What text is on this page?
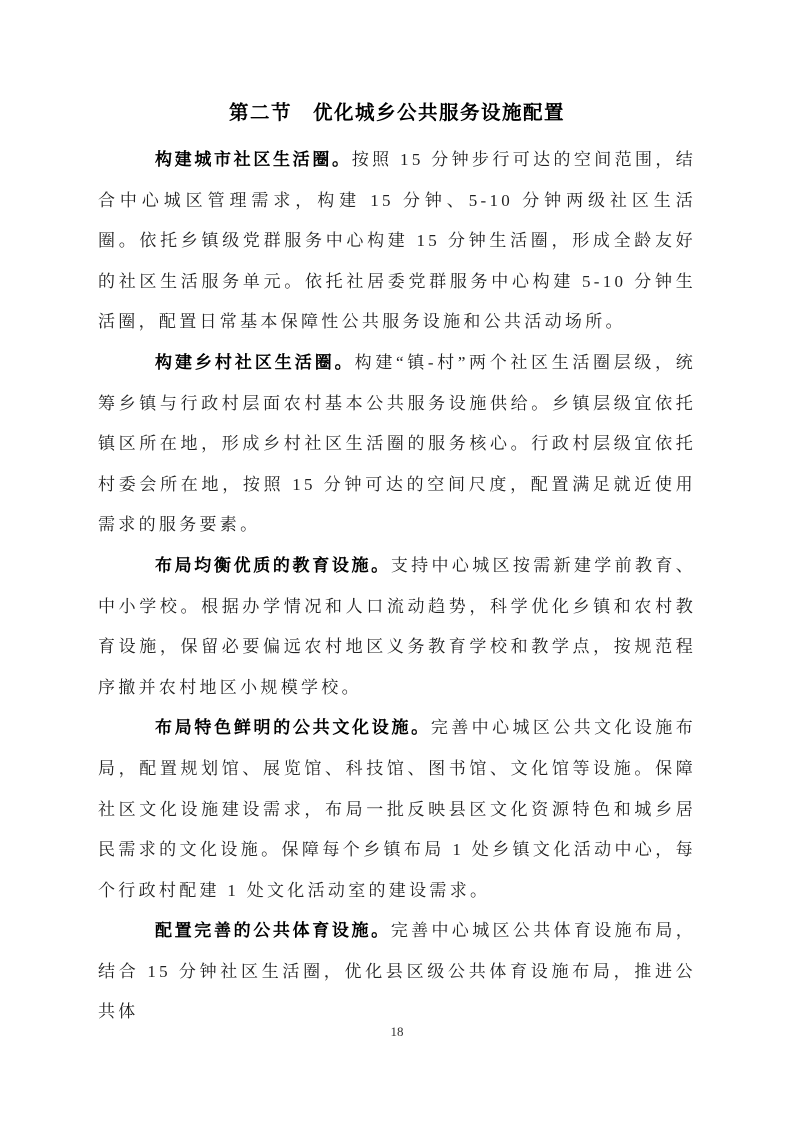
第二节　优化城乡公共服务设施配置

构建城市社区生活圈。按照 15 分钟步行可达的空间范围，结合中心城区管理需求，构建 15 分钟、5-10 分钟两级社区生活圈。依托乡镇级党群服务中心构建 15 分钟生活圈，形成全龄友好的社区生活服务单元。依托社居委党群服务中心构建 5-10 分钟生活圈，配置日常基本保障性公共服务设施和公共活动场所。

构建乡村社区生活圈。构建“镇-村”两个社区生活圈层级，统筹乡镇与行政村层面农村基本公共服务设施供给。乡镇层级宜依托镇区所在地，形成乡村社区生活圈的服务核心。行政村层级宜依托村委会所在地，按照 15 分钟可达的空间尺度，配置满足就近使用需求的服务要素。

布局均衡优质的教育设施。支持中心城区按需新建学前教育、中小学校。根据办学情况和人口流动趋势，科学优化乡镇和农村教育设施，保留必要偏远农村地区义务教育学校和教学点，按规范程序撤并农村地区小规模学校。

布局特色鲜明的公共文化设施。完善中心城区公共文化设施布局，配置规划馆、展览馆、科技馆、图书馆、文化馆等设施。保障社区文化设施建设需求，布局一批反映县区文化资源特色和城乡居民需求的文化设施。保障每个乡镇布局 1 处乡镇文化活动中心，每个行政村配建 1 处文化活动室的建设需求。

配置完善的公共体育设施。完善中心城区公共体育设施布局，结合 15 分钟社区生活圈，优化县区级公共体育设施布局，推进公共体

18
